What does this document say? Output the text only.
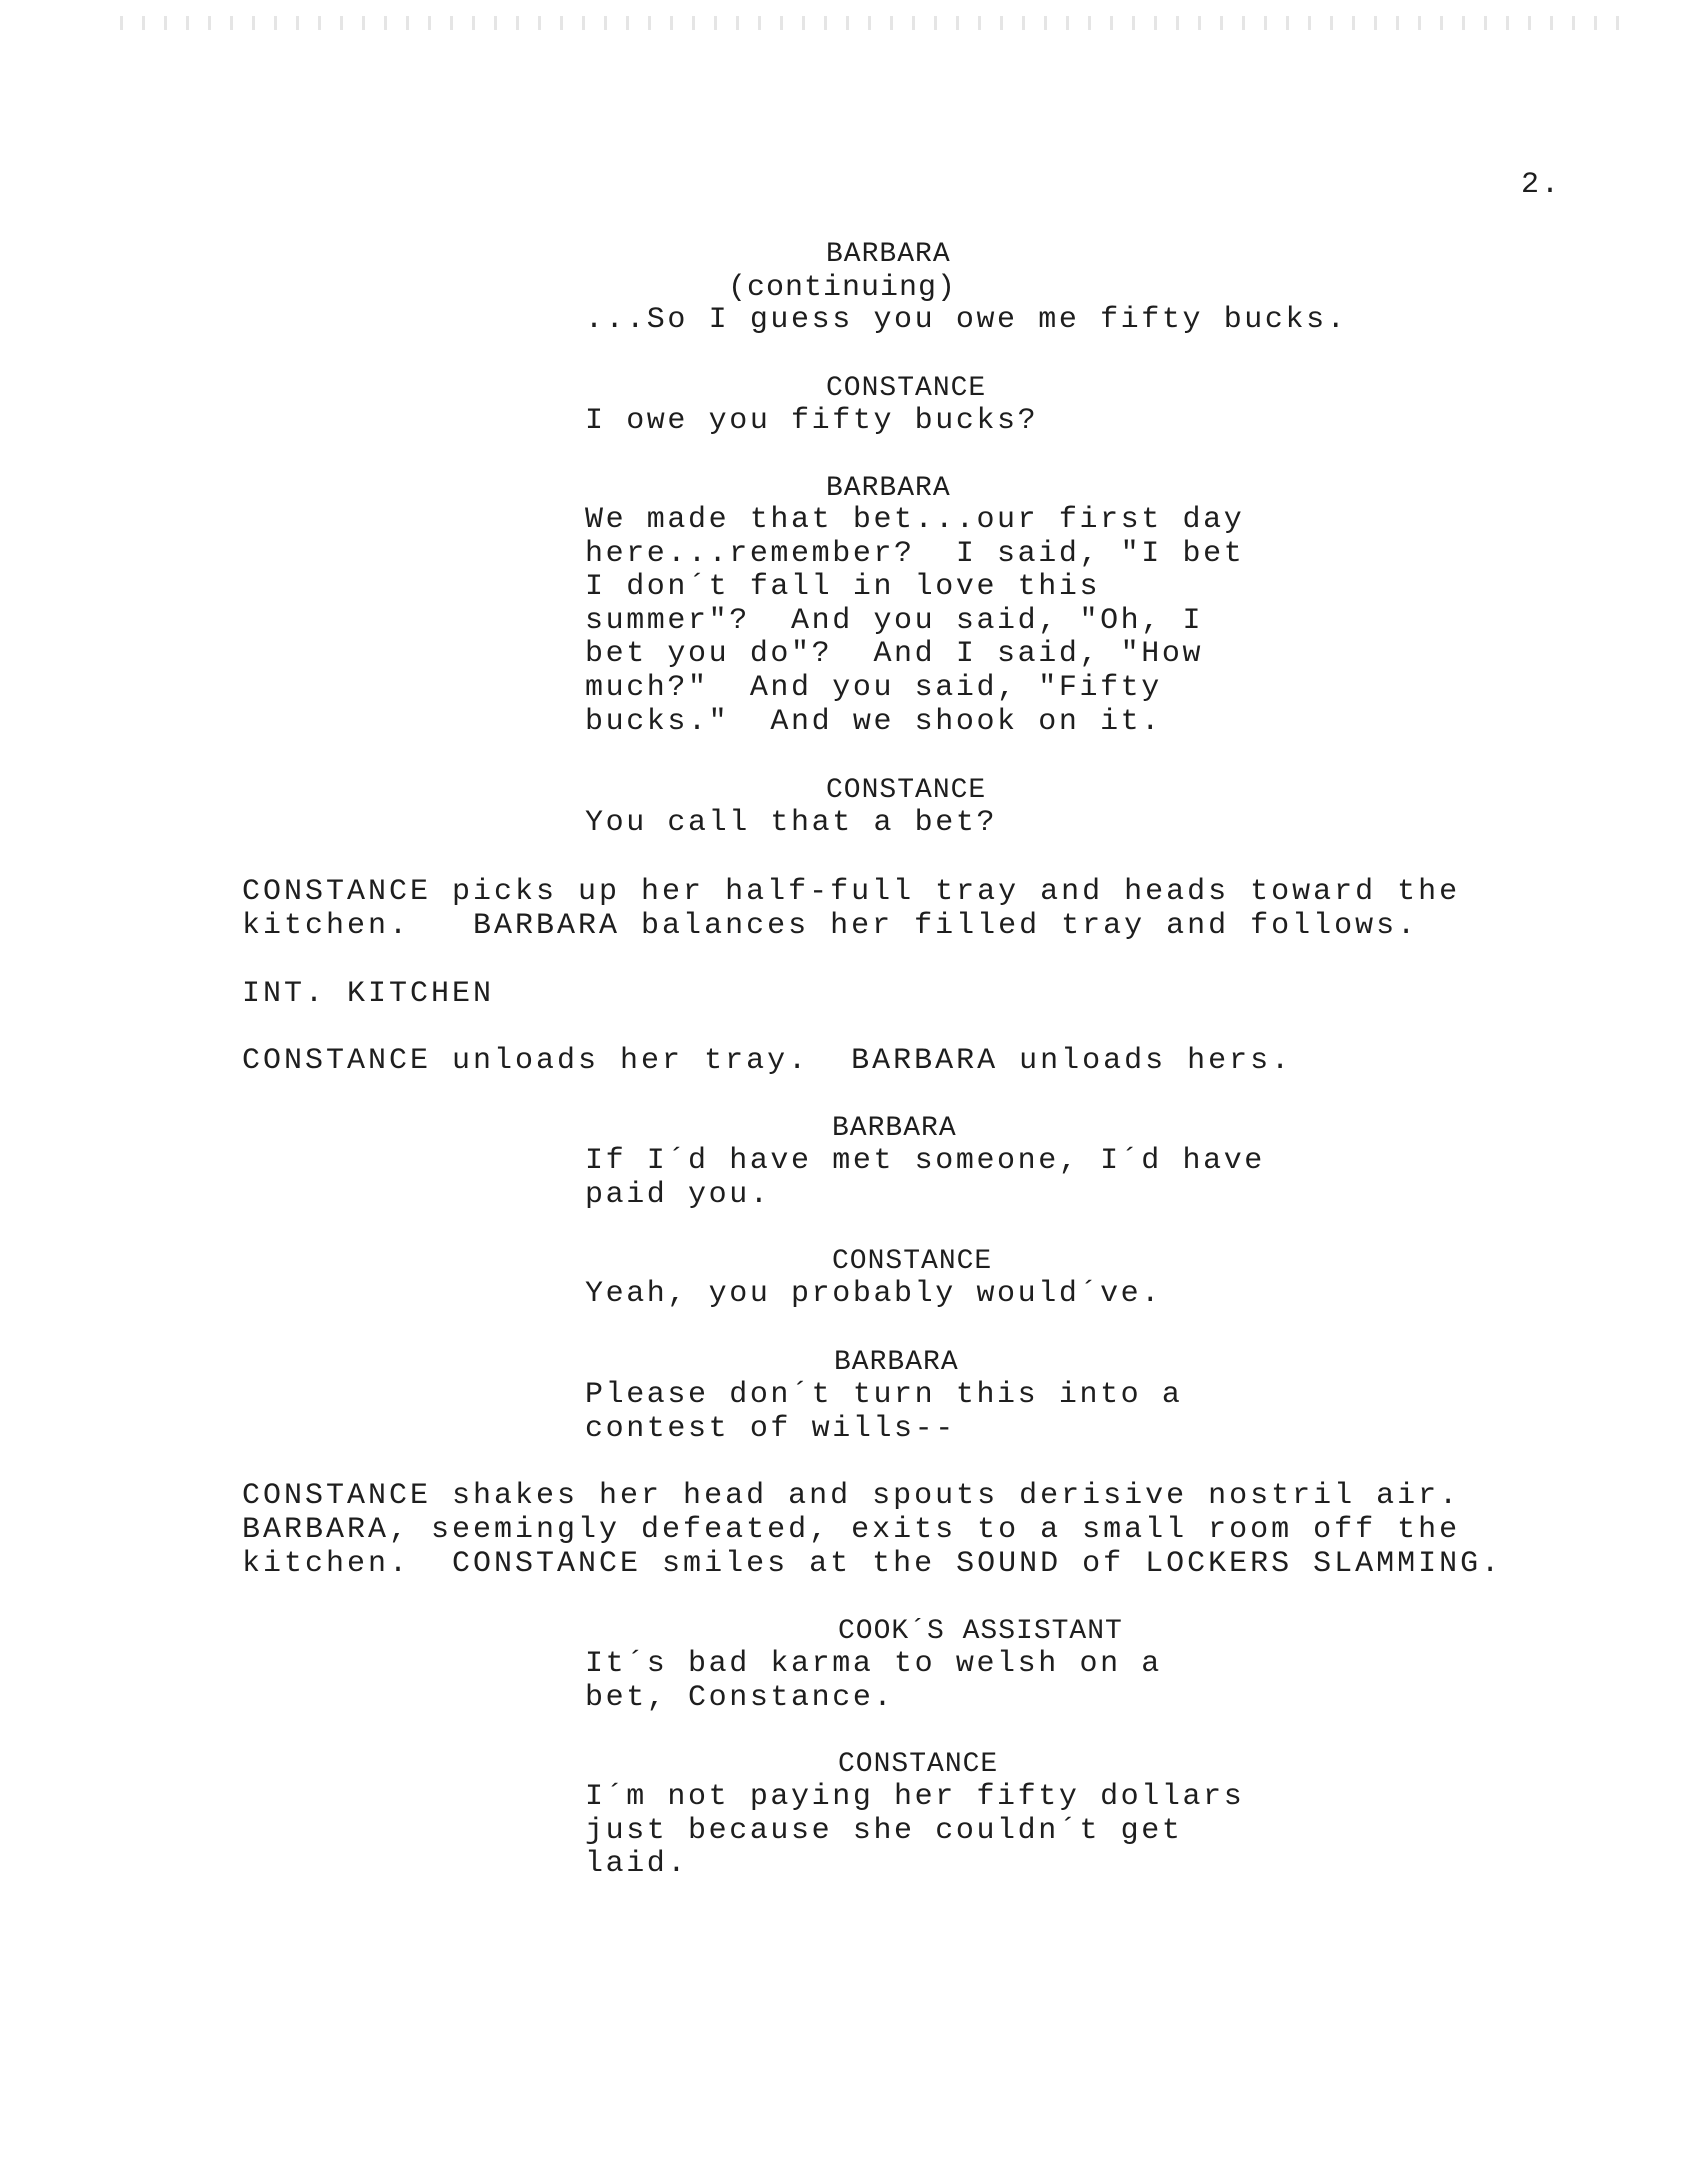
2.
BARBARA
(continuing)
...So I guess you owe me fifty bucks.
CONSTANCE
I owe you fifty bucks?
BARBARA
We made that bet...our first day
here...remember?  I said, "I bet
I don´t fall in love this
summer"?  And you said, "Oh, I
bet you do"?  And I said, "How
much?"  And you said, "Fifty
bucks."  And we shook on it.
CONSTANCE
You call that a bet?
CONSTANCE picks up her half-full tray and heads toward the
kitchen.   BARBARA balances her filled tray and follows.
INT. KITCHEN
CONSTANCE unloads her tray.  BARBARA unloads hers.
BARBARA
If I´d have met someone, I´d have
paid you.
CONSTANCE
Yeah, you probably would´ve.
BARBARA
Please don´t turn this into a
contest of wills--
CONSTANCE shakes her head and spouts derisive nostril air.
BARBARA, seemingly defeated, exits to a small room off the
kitchen.  CONSTANCE smiles at the SOUND of LOCKERS SLAMMING.
COOK´S ASSISTANT
It´s bad karma to welsh on a
bet, Constance.
CONSTANCE
I´m not paying her fifty dollars
just because she couldn´t get
laid.
